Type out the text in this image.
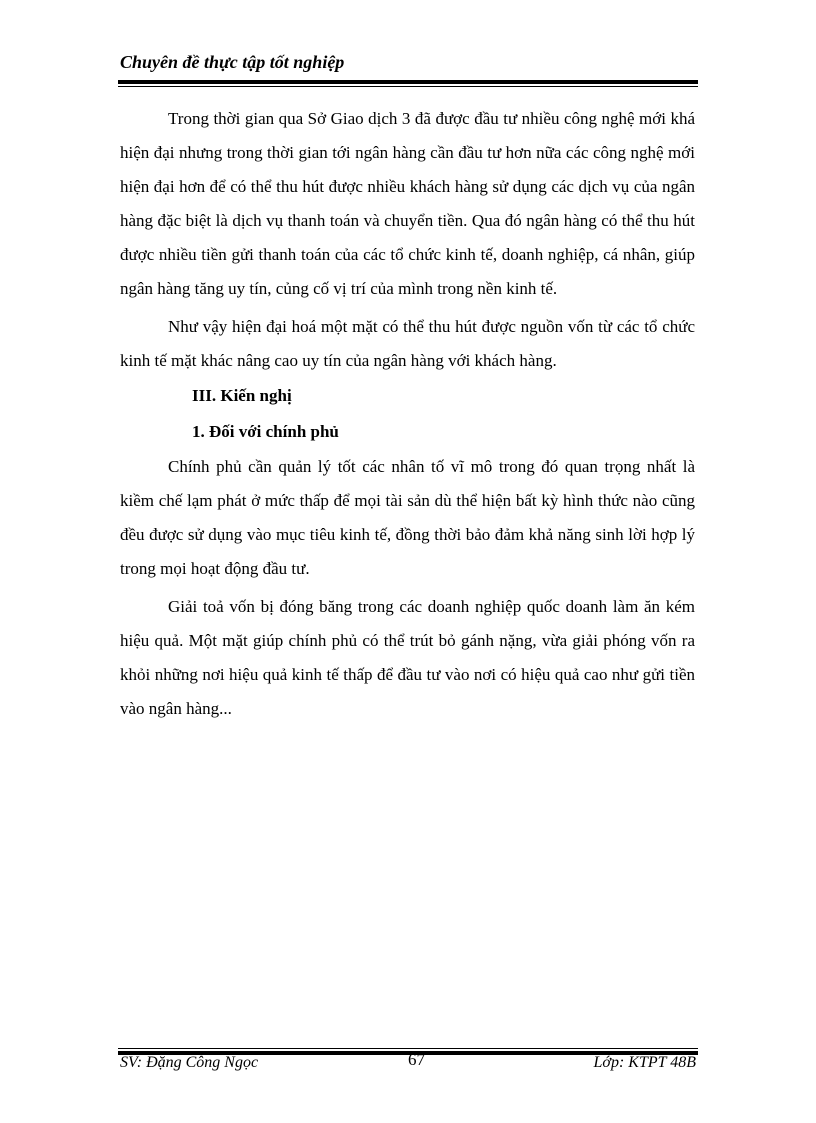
Chuyên đề thực tập tốt nghiệp

Trong thời gian qua Sở Giao dịch 3 đã được đầu tư nhiều công nghệ mới khá hiện đại nhưng trong thời gian tới ngân hàng cần đầu tư hơn nữa các công nghệ mới hiện đại hơn để có thể thu hút được nhiều khách hàng sử dụng các dịch vụ của ngân hàng đặc biệt là dịch vụ thanh toán và chuyển tiền. Qua đó ngân hàng có thể thu hút được nhiều tiền gửi thanh toán của các tổ chức kinh tế, doanh nghiệp, cá nhân, giúp ngân hàng tăng uy tín, củng cố vị trí của mình trong nền kinh tế.

Như vậy hiện đại hoá một mặt có thể thu hút được nguồn vốn từ các tổ chức kinh tế mặt khác nâng cao uy tín của ngân hàng với khách hàng.

III. Kiến nghị
1. Đối với chính phủ

Chính phủ cần quản lý tốt các nhân tố vĩ mô trong đó quan trọng nhất là kiềm chế lạm phát ở mức thấp để mọi tài sản dù thể hiện bất kỳ hình thức nào cũng đều được sử dụng vào mục tiêu kinh tế, đồng thời bảo đảm khả năng sinh lời hợp lý trong mọi hoạt động đầu tư.

Giải toả vốn bị đóng băng trong các doanh nghiệp quốc doanh làm ăn kém hiệu quả. Một mặt giúp chính phủ có thể trút bỏ gánh nặng, vừa giải phóng vốn ra khỏi những nơi hiệu quả kinh tế thấp để đầu tư vào nơi có hiệu quả cao như gửi tiền vào ngân hàng...

SV: Đặng Công Ngọc	67	Lớp: KTPT 48B
